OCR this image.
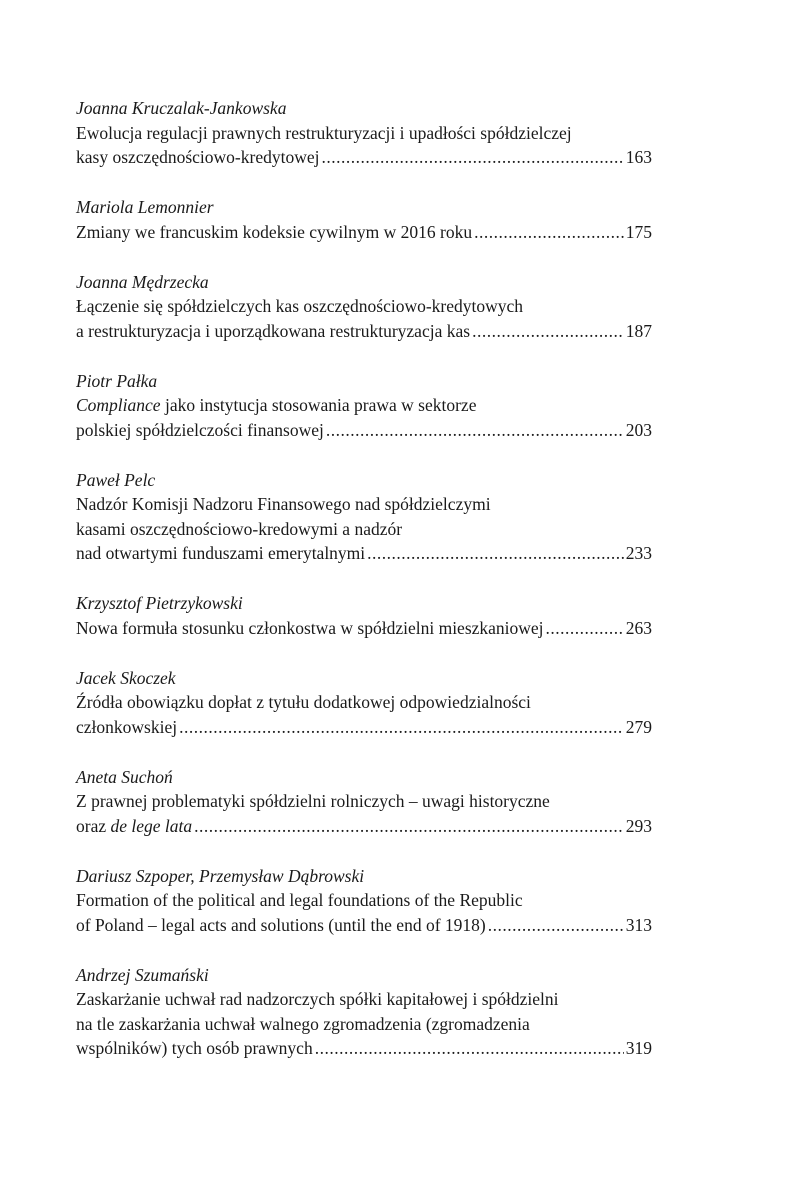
Joanna Kruczalak-Jankowska
Ewolucja regulacji prawnych restrukturyzacji i upadłości spółdzielczej
kasy oszczędnościowo-kredytowej .....	163
Mariola Lemonnier
Zmiany we francuskim kodeksie cywilnym w 2016 roku .....	175
Joanna Mędrzecka
Łączenie się spółdzielczych kas oszczędnościowo-kredytowych
a restrukturyzacja i uporządkowana restrukturyzacja kas .....	187
Piotr Pałka
Compliance jako instytucja stosowania prawa w sektorze
polskiej spółdzielczości finansowej .....	203
Paweł Pelc
Nadzór Komisji Nadzoru Finansowego nad spółdzielczymi
kasami oszczędnościowo-kredowymi a nadzór
nad otwartymi funduszami emerytalnymi .....	233
Krzysztof Pietrzykowski
Nowa formuła stosunku członkostwa w spółdzielni mieszkaniowej .....	263
Jacek Skoczek
Źródła obowiązku dopłat z tytułu dodatkowej odpowiedzialności
członkowskiej .....	279
Aneta Suchoń
Z prawnej problematyki spółdzielni rolniczych – uwagi historyczne
oraz de lege lata .....	293
Dariusz Szpoper, Przemysław Dąbrowski
Formation of the political and legal foundations of the Republic
of Poland – legal acts and solutions (until the end of 1918) .....	313
Andrzej Szumański
Zaskarżanie uchwał rad nadzorczych spółki kapitałowej i spółdzielni
na tle zaskarżania uchwał walnego zgromadzenia (zgromadzenia
wspólników) tych osób prawnych .....	319
